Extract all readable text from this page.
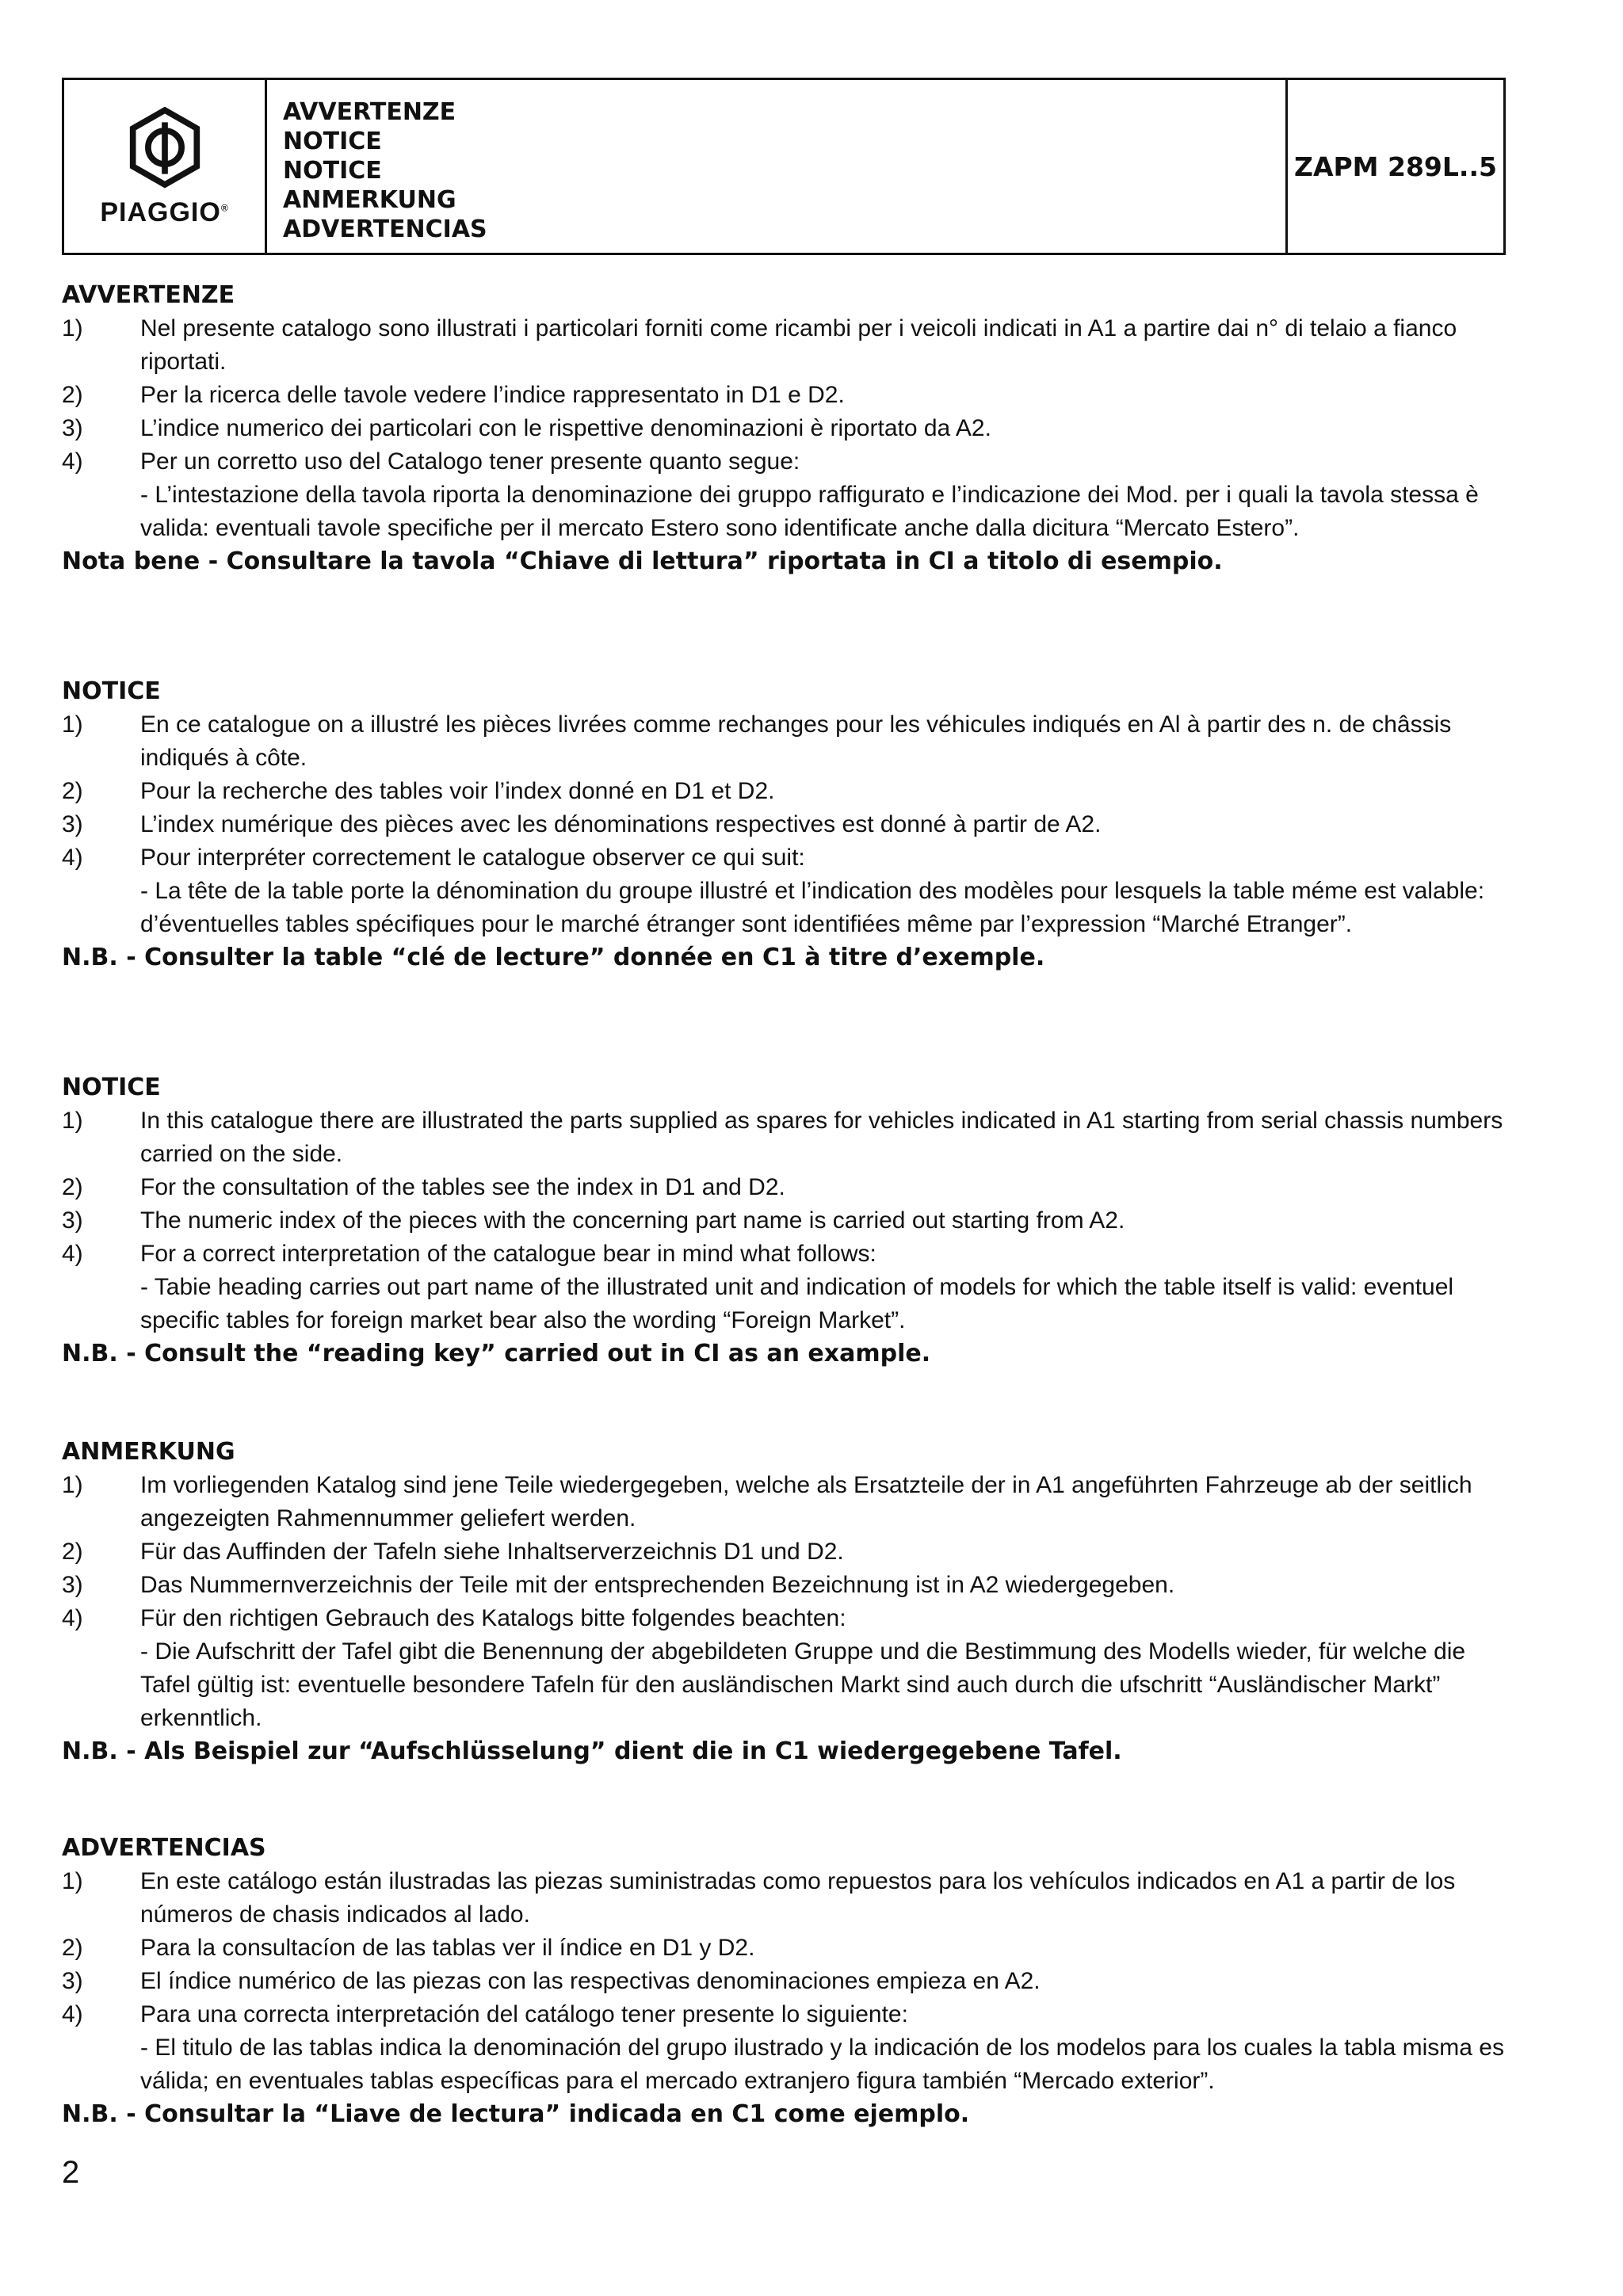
PIAGGIO®
AVVERTENZE
NOTICE
NOTICE
ANMERKUNG
ADVERTENCIAS
ZAPM 289L..5
AVVERTENZE
1)	Nel presente catalogo sono illustrati i particolari forniti come ricambi per i veicoli indicati in A1 a partire dai n° di telaio a fianco riportati.
2)	Per la ricerca delle tavole vedere l’indice rappresentato in D1 e D2.
3)	L’indice numerico dei particolari con le rispettive denominazioni è riportato da A2.
4)	Per un corretto uso del Catalogo tener presente quanto segue:
- L’intestazione della tavola riporta la denominazione dei gruppo raffigurato e l’indicazione dei Mod. per i quali la tavola stessa è valida: eventuali tavole specifiche per il mercato Estero sono identificate anche dalla dicitura “Mercato Estero”.
Nota bene - Consultare la tavola “Chiave di lettura” riportata in CI a titolo di esempio.
NOTICE
1)	En ce catalogue on a illustré les pièces livrées comme rechanges pour les véhicules indiqués en Al à partir des n. de châssis indiqués à côte.
2)	Pour la recherche des tables voir l’index donné en D1 et D2.
3)	L’index numérique des pièces avec les dénominations respectives est donné à partir de A2.
4)	Pour interpréter correctement le catalogue observer ce qui suit:
- La tête de la table porte la dénomination du groupe illustré et l’indication des modèles pour lesquels la table méme est valable: d’éventuelles tables spécifiques pour le marché étranger sont identifiées même par l’expression “Marché Etranger”.
N.B. - Consulter la table “clé de lecture” donnée en C1 à titre d’exemple.
NOTICE
1)	In this catalogue there are illustrated the parts supplied as spares for vehicles indicated in A1 starting from serial chassis numbers carried on the side.
2)	For the consultation of the tables see the index in D1 and D2.
3)	The numeric index of the pieces with the concerning part name is carried out starting from A2.
4)	For a correct interpretation of the catalogue bear in mind what follows:
- Tabie heading carries out part name of the illustrated unit and indication of models for which the table itself is valid: eventuel specific tables for foreign market bear also the wording “Foreign Market”.
N.B. - Consult the “reading key” carried out in CI as an example.
ANMERKUNG
1)	Im vorliegenden Katalog sind jene Teile wiedergegeben, welche als Ersatzteile der in A1 angeführten Fahrzeuge ab der seitlich angezeigten Rahmennummer geliefert werden.
2)	Für das Auffinden der Tafeln siehe Inhaltserverzeichnis D1 und D2.
3)	Das Nummernverzeichnis der Teile mit der entsprechenden Bezeichnung ist in A2 wiedergegeben.
4)	Für den richtigen Gebrauch des Katalogs bitte folgendes beachten:
- Die Aufschritt der Tafel gibt die Benennung der abgebildeten Gruppe und die Bestimmung des Modells wieder, für welche die Tafel gültig ist: eventuelle besondere Tafeln für den ausländischen Markt sind auch durch die ufschritt “Ausländischer Markt” erkenntlich.
N.B. - Als Beispiel zur “Aufschlüsselung” dient die in C1 wiedergegebene Tafel.
ADVERTENCIAS
1)	En este catálogo están ilustradas las piezas suministradas como repuestos para los vehículos indicados en A1 a partir de los números de chasis indicados al lado.
2)	Para la consultacíon de las tablas ver il índice en D1 y D2.
3)	El índice numérico de las piezas con las respectivas denominaciones empieza en A2.
4)	Para una correcta interpretación del catálogo tener presente lo siguiente:
- El titulo de las tablas indica la denominación del grupo ilustrado y la indicación de los modelos para los cuales la tabla misma es válida; en eventuales tablas específicas para el mercado extranjero figura también “Mercado exterior”.
N.B. - Consultar la “Liave de lectura” indicada en C1 come ejemplo.
2
